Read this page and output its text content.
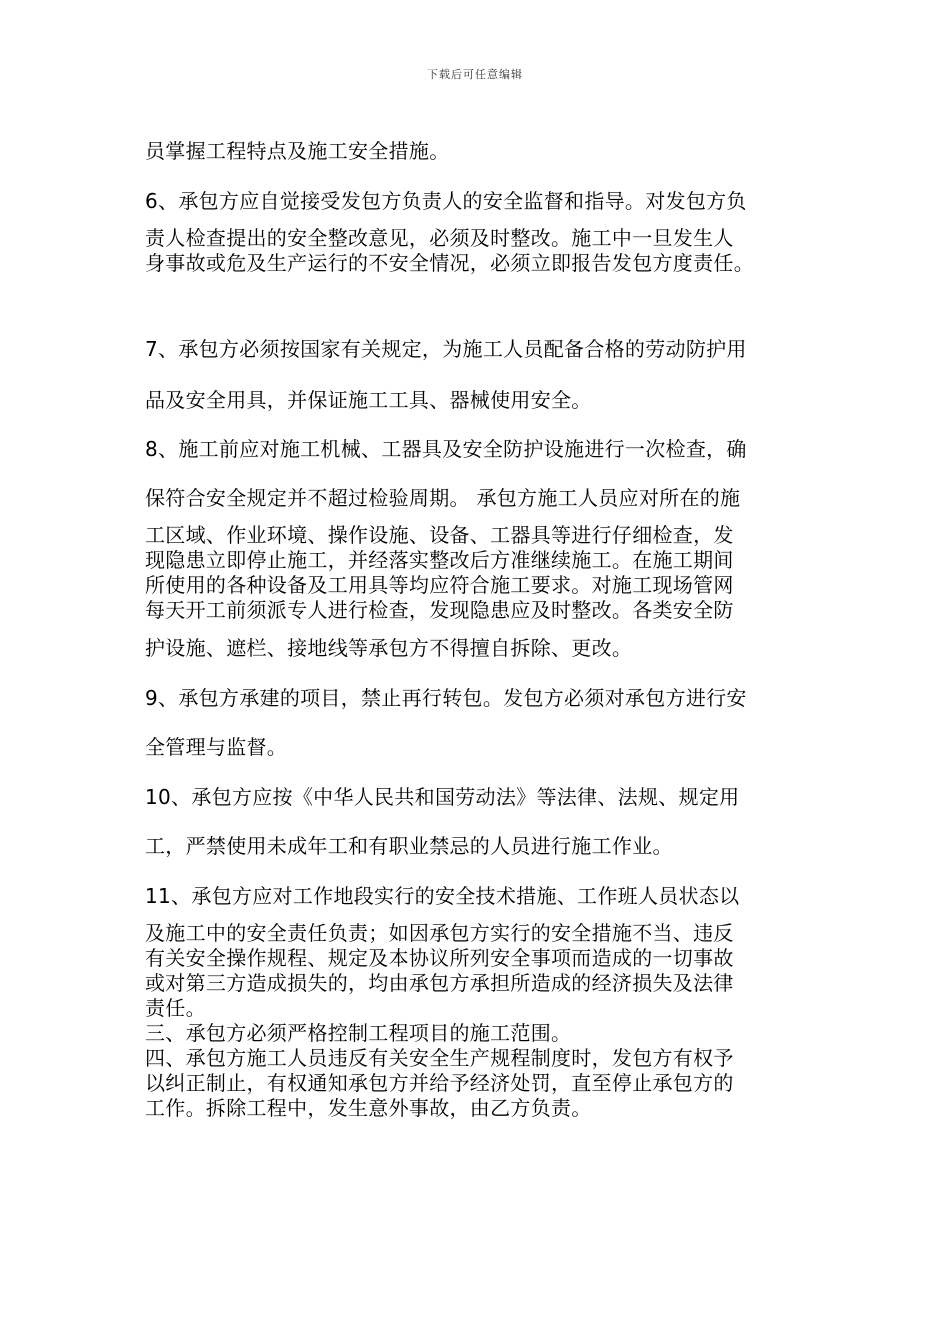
下载后可任意编辑
员掌握工程特点及施工安全措施。
6、承包方应自觉接受发包方负责人的安全监督和指导。对发包方负
责人检查提出的安全整改意见，必须及时整改。施工中一旦发生人
身事故或危及生产运行的不安全情况，必须立即报告发包方度责任。
7、承包方必须按国家有关规定，为施工人员配备合格的劳动防护用
品及安全用具，并保证施工工具、器械使用安全。
8、施工前应对施工机械、工器具及安全防护设施进行一次检查，确
保符合安全规定并不超过检验周期。 承包方施工人员应对所在的施
工区域、作业环境、操作设施、设备、工器具等进行仔细检查，发
现隐患立即停止施工，并经落实整改后方准继续施工。在施工期间
所使用的各种设备及工用具等均应符合施工要求。对施工现场管网
每天开工前须派专人进行检查，发现隐患应及时整改。各类安全防
护设施、遮栏、接地线等承包方不得擅自拆除、更改。
9、承包方承建的项目，禁止再行转包。发包方必须对承包方进行安
全管理与监督。
10、承包方应按《中华人民共和国劳动法》等法律、法规、规定用
工，严禁使用未成年工和有职业禁忌的人员进行施工作业。
11、承包方应对工作地段实行的安全技术措施、工作班人员状态以
及施工中的安全责任负责；如因承包方实行的安全措施不当、违反
有关安全操作规程、规定及本协议所列安全事项而造成的一切事故
或对第三方造成损失的，均由承包方承担所造成的经济损失及法律
责任。
三、承包方必须严格控制工程项目的施工范围。
四、承包方施工人员违反有关安全生产规程制度时，发包方有权予
以纠正制止，有权通知承包方并给予经济处罚，直至停止承包方的
工作。拆除工程中，发生意外事故，由乙方负责。
